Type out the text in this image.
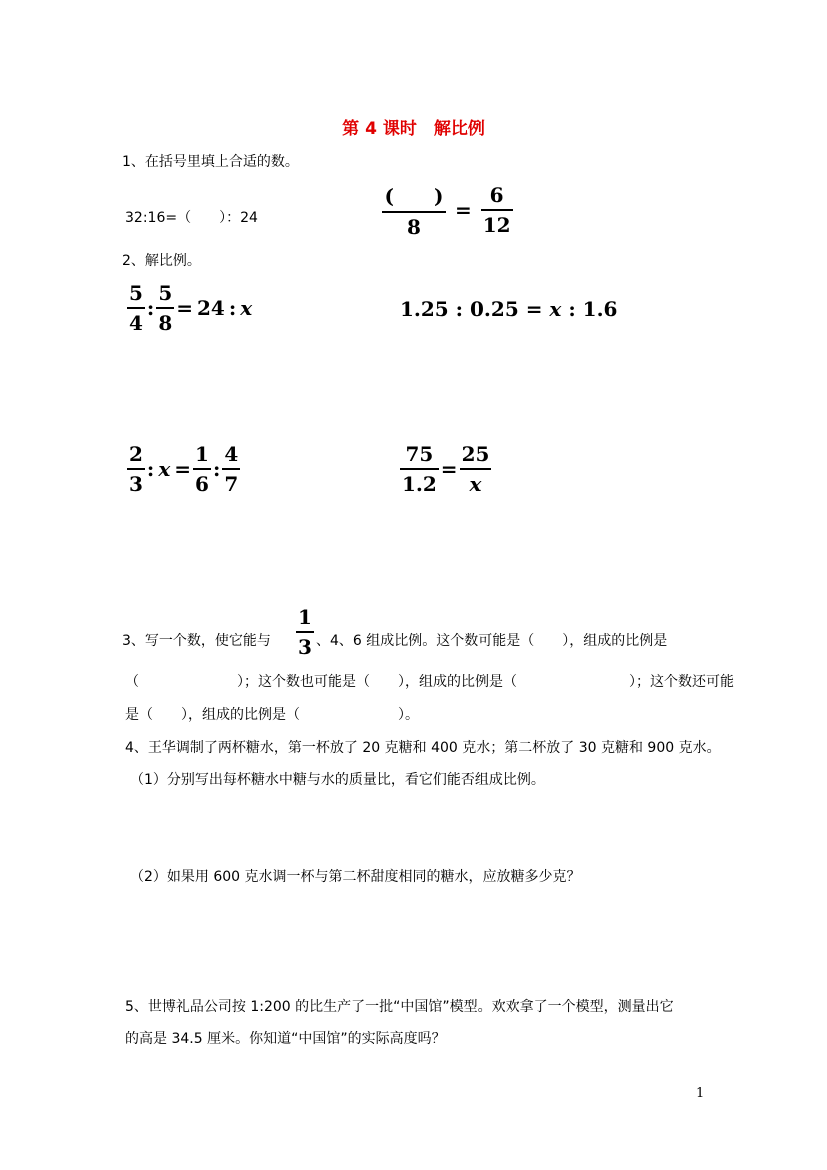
第 4 课时　解比例
1、在括号里填上合适的数。
32:16=（　　）：24	$\frac{( )}{8} = \frac{6}{12}$
2、解比例。
$\frac{5}{4}$ : $\frac{5}{8} = 24$ : x	1.25 : 0.25 = x : 1.6
$\frac{2}{3}$ : $x = \frac{1}{6}$ : $\frac{4}{7}$	$\frac{75}{1.2} = \frac{25}{x}$
3、写一个数，使它能与 $\frac{1}{3}$ 、4、6 组成比例。这个数可能是（　　），组成的比例是
（　　　　　　　）；这个数也可能是（　　），组成的比例是（　　　　　　　　）；这个数还可能
是（　　），组成的比例是（　　　　　　　）。
4、王华调制了两杯糖水，第一杯放了 20 克糖和 400 克水；第二杯放了 30 克糖和 900 克水。
（1）分别写出每杯糖水中糖与水的质量比，看它们能否组成比例。
（2）如果用 600 克水调一杯与第二杯甜度相同的糖水，应放糖多少克？
5、世博礼品公司按 1:200 的比生产了一批“中国馆”模型。欢欢拿了一个模型，测量出它
的高是 34.5 厘米。你知道“中国馆”的实际高度吗？
1
